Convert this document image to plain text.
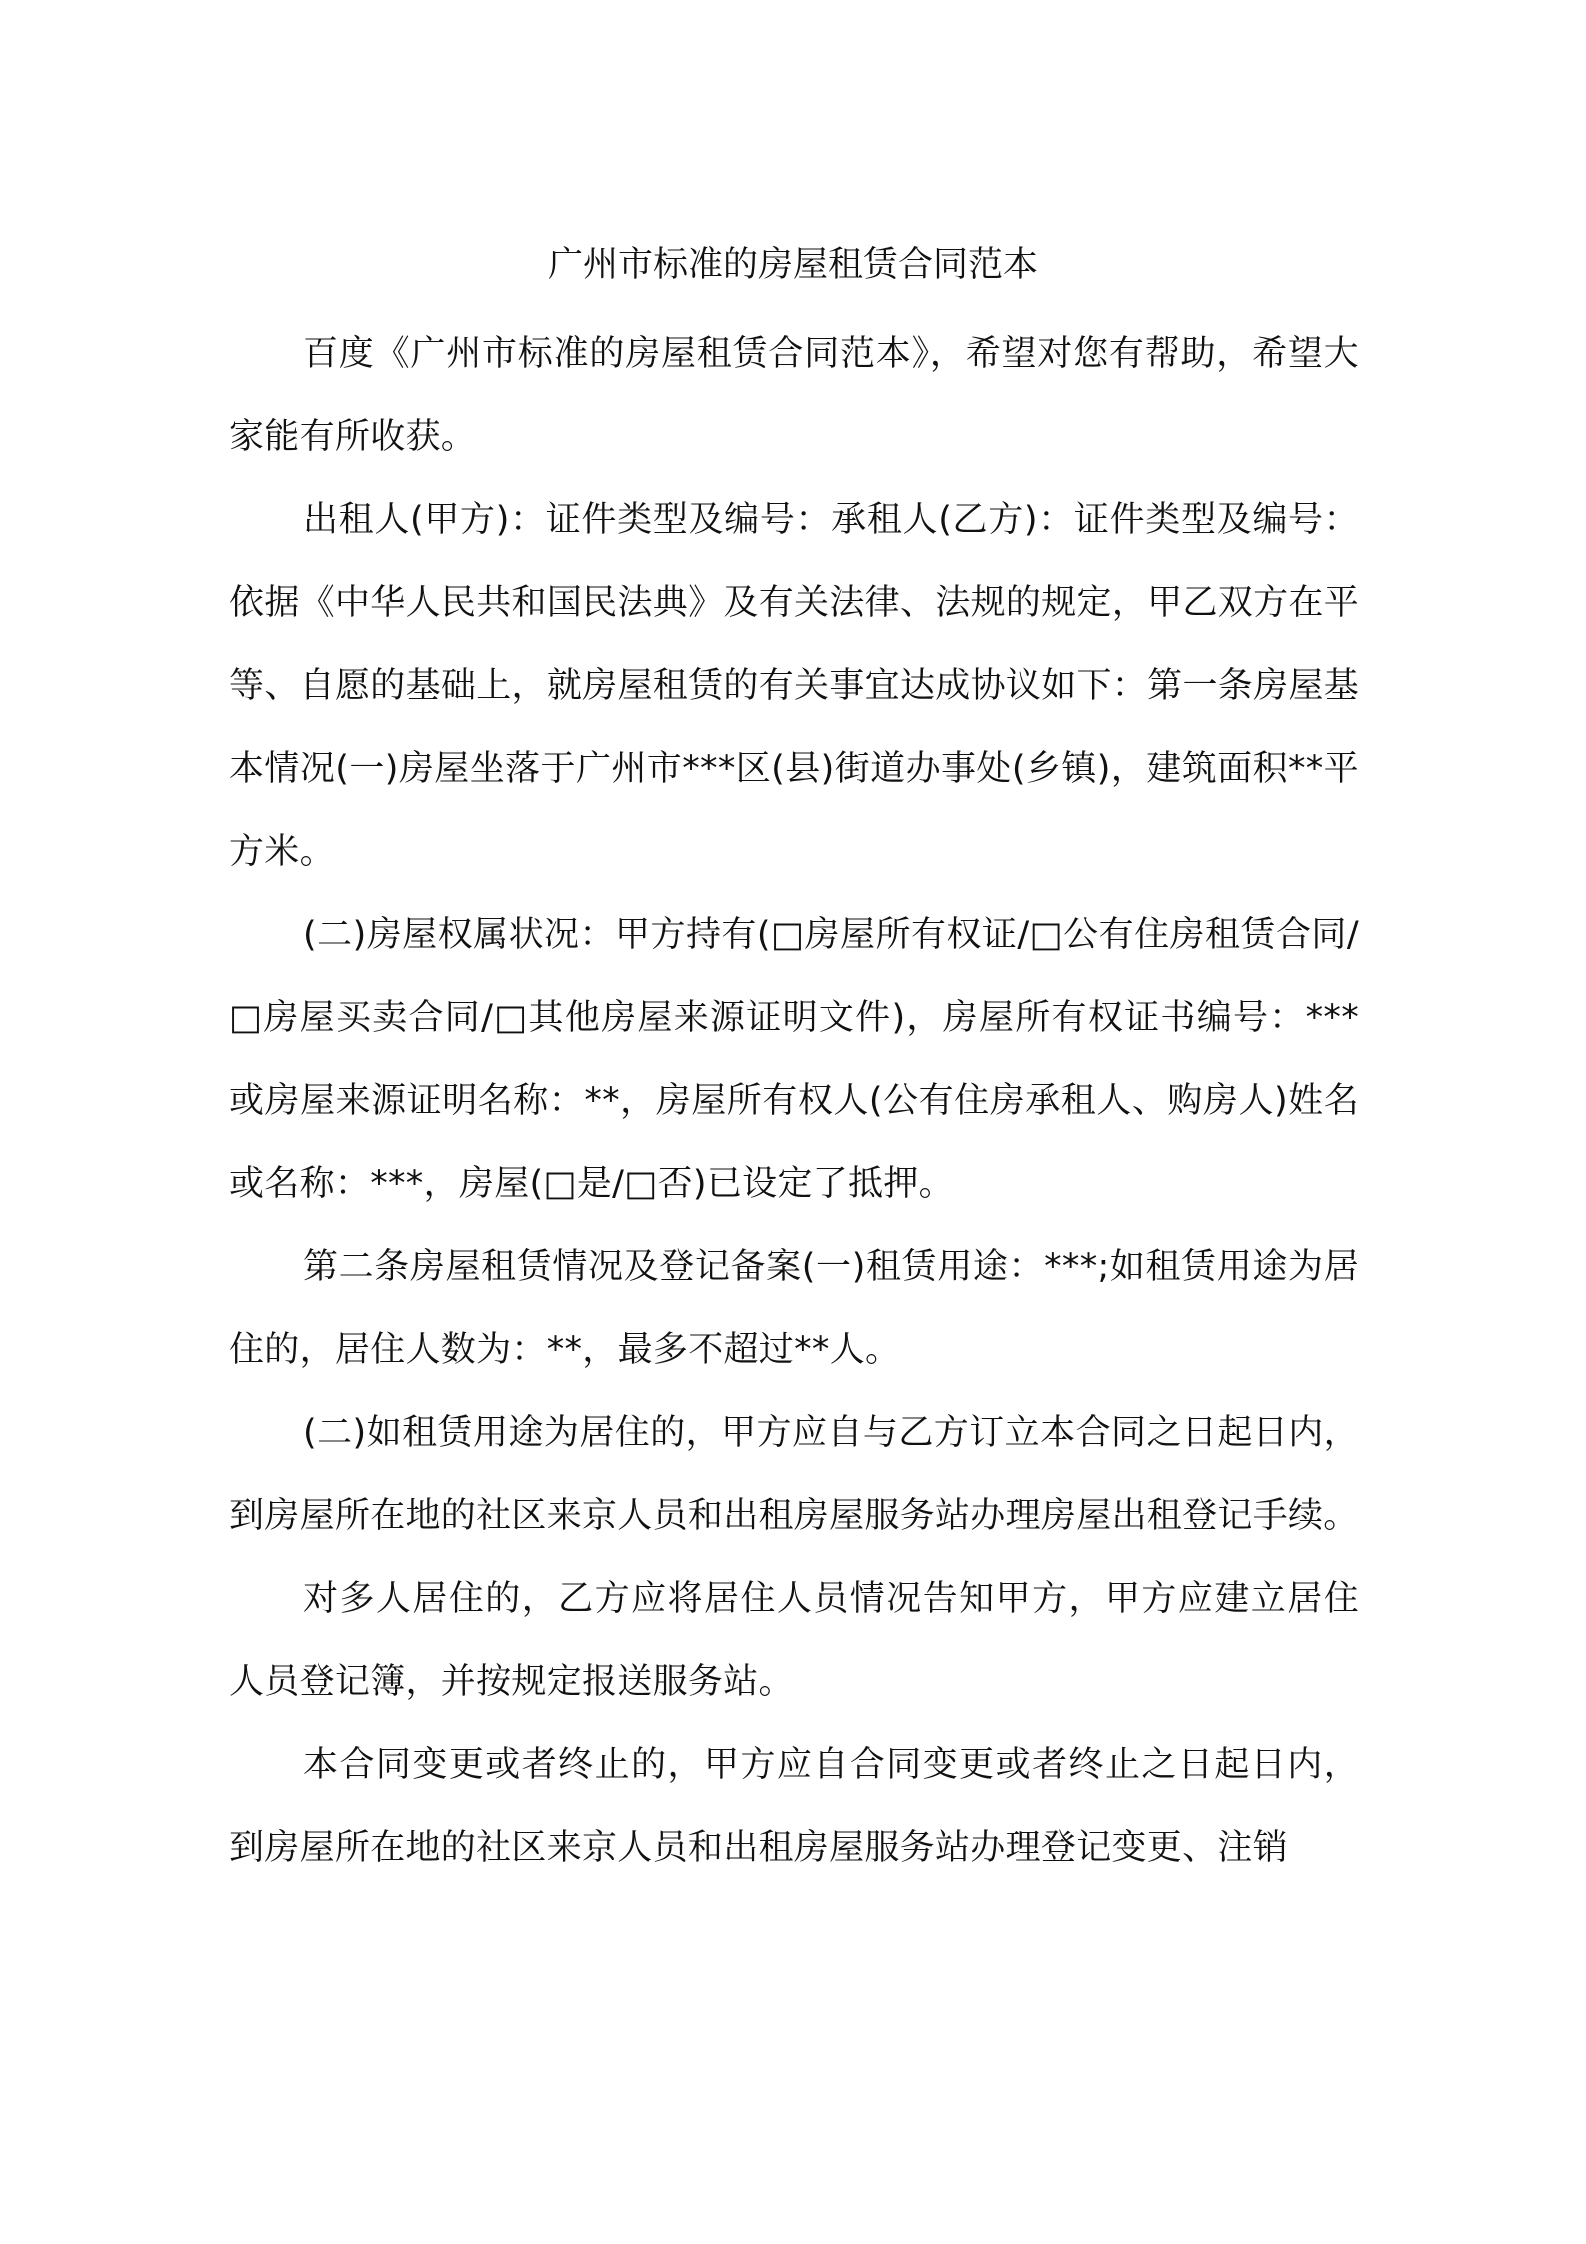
广州市标准的房屋租赁合同范本

百度《广州市标准的房屋租赁合同范本》，希望对您有帮助，希望大家能有所收获。

出租人(甲方)：证件类型及编号：承租人(乙方)：证件类型及编号：依据《中华人民共和国民法典》及有关法律、法规的规定，甲乙双方在平等、自愿的基础上，就房屋租赁的有关事宜达成协议如下：第一条房屋基本情况(一)房屋坐落于广州市***区(县)街道办事处(乡镇)，建筑面积**平方米。

(二)房屋权属状况：甲方持有(□房屋所有权证/□公有住房租赁合同/□房屋买卖合同/□其他房屋来源证明文件)，房屋所有权证书编号：***或房屋来源证明名称：**，房屋所有权人(公有住房承租人、购房人)姓名或名称：***，房屋(□是/□否)已设定了抵押。

第二条房屋租赁情况及登记备案(一)租赁用途：***;如租赁用途为居住的，居住人数为：**，最多不超过**人。

(二)如租赁用途为居住的，甲方应自与乙方订立本合同之日起日内，到房屋所在地的社区来京人员和出租房屋服务站办理房屋出租登记手续。

对多人居住的，乙方应将居住人员情况告知甲方，甲方应建立居住人员登记簿，并按规定报送服务站。

本合同变更或者终止的，甲方应自合同变更或者终止之日起日内，到房屋所在地的社区来京人员和出租房屋服务站办理登记变更、注销
